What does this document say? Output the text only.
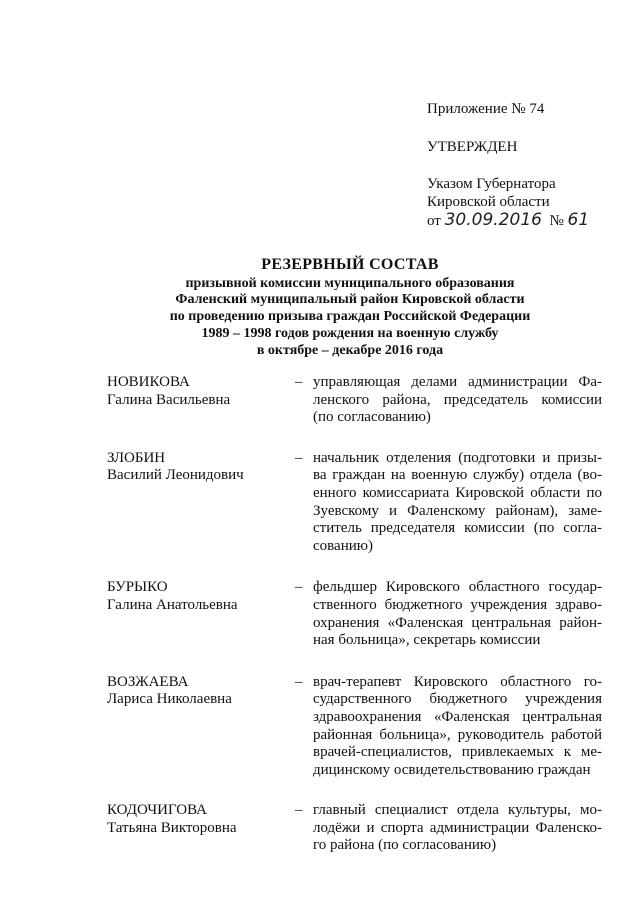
Приложение № 74
УТВЕРЖДЕН
Указом Губернатора
Кировской области
от 30.09.2016 № 61
РЕЗЕРВНЫЙ СОСТАВ
призывной комиссии муниципального образования
Фаленский муниципальный район Кировской области
по проведению призыва граждан Российской Федерации
1989 – 1998 годов рождения на военную службу
в октябре – декабре 2016 года
НОВИКОВА
Галина Васильевна
– управляющая делами администрации Фа-
ленского района, председатель комиссии
(по согласованию)
ЗЛОБИН
Василий Леонидович
– начальник отделения (подготовки и призы-
ва граждан на военную службу) отдела (во-
енного комиссариата Кировской области по
Зуевскому и Фаленскому районам), заме-
ститель председателя комиссии (по согла-
сованию)
БУРЫКО
Галина Анатольевна
– фельдшер Кировского областного государ-
ственного бюджетного учреждения здраво-
охранения «Фаленская центральная район-
ная больница», секретарь комиссии
ВОЗЖАЕВА
Лариса Николаевна
– врач-терапевт Кировского областного го-
сударственного бюджетного учреждения
здравоохранения «Фаленская центральная
районная больница», руководитель работой
врачей-специалистов, привлекаемых к ме-
дицинскому освидетельствованию граждан
КОДОЧИГОВА
Татьяна Викторовна
– главный специалист отдела культуры, мо-
лодёжи и спорта администрации Фаленско-
го района (по согласованию)
